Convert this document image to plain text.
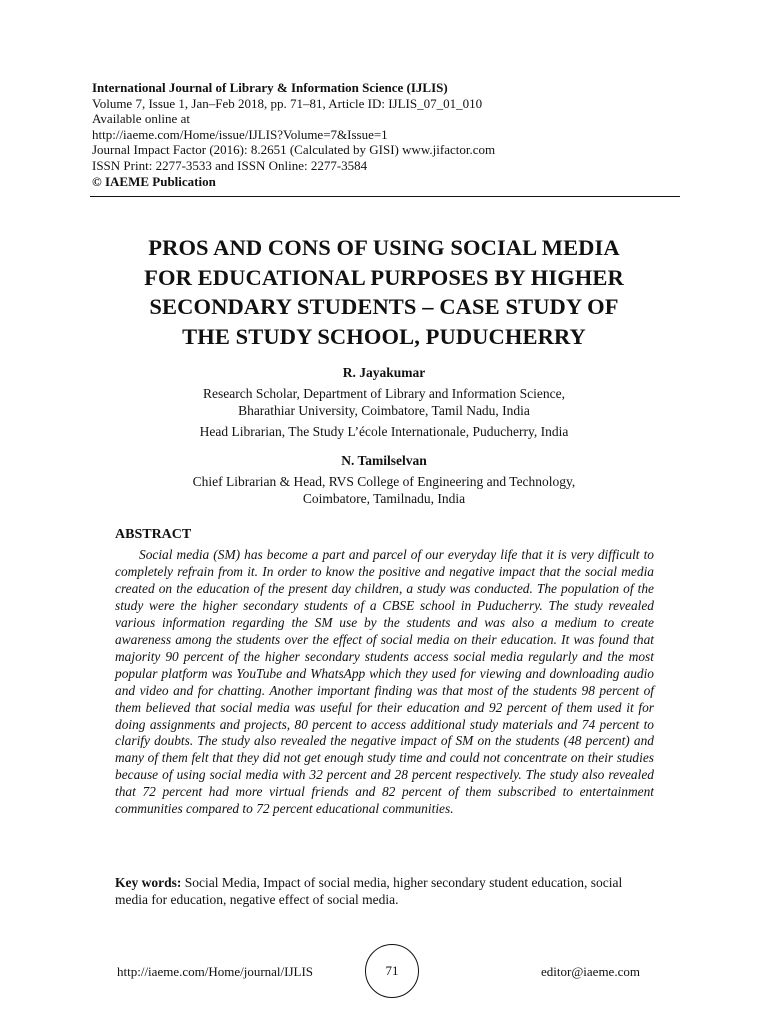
International Journal of Library & Information Science (IJLIS)
Volume 7, Issue 1, Jan–Feb 2018, pp. 71–81, Article ID: IJLIS_07_01_010
Available online at
http://iaeme.com/Home/issue/IJLIS?Volume=7&Issue=1
Journal Impact Factor (2016): 8.2651 (Calculated by GISI) www.jifactor.com
ISSN Print: 2277-3533 and ISSN Online: 2277-3584
© IAEME Publication
PROS AND CONS OF USING SOCIAL MEDIA
FOR EDUCATIONAL PURPOSES BY HIGHER
SECONDARY STUDENTS – CASE STUDY OF
THE STUDY SCHOOL, PUDUCHERRY
R. Jayakumar
Research Scholar, Department of Library and Information Science,
Bharathiar University, Coimbatore, Tamil Nadu, India
Head Librarian, The Study L’école Internationale, Puducherry, India
N. Tamilselvan
Chief Librarian & Head, RVS College of Engineering and Technology,
Coimbatore, Tamilnadu, India
ABSTRACT
Social media (SM) has become a part and parcel of our everyday life that it is very difficult to completely refrain from it. In order to know the positive and negative impact that the social media created on the education of the present day children, a study was conducted. The population of the study were the higher secondary students of a CBSE school in Puducherry. The study revealed various information regarding the SM use by the students and was also a medium to create awareness among the students over the effect of social media on their education. It was found that majority 90 percent of the higher secondary students access social media regularly and the most popular platform was YouTube and WhatsApp which they used for viewing and downloading audio and video and for chatting. Another important finding was that most of the students 98 percent of them believed that social media was useful for their education and 92 percent of them used it for doing assignments and projects, 80 percent to access additional study materials and 74 percent to clarify doubts. The study also revealed the negative impact of SM on the students (48 percent) and many of them felt that they did not get enough study time and could not concentrate on their studies because of using social media with 32 percent and 28 percent respectively. The study also revealed that 72 percent had more virtual friends and 82 percent of them subscribed to entertainment communities compared to 72 percent educational communities.
Key words: Social Media, Impact of social media, higher secondary student education, social media for education, negative effect of social media.
http://iaeme.com/Home/journal/IJLIS	71	editor@iaeme.com
